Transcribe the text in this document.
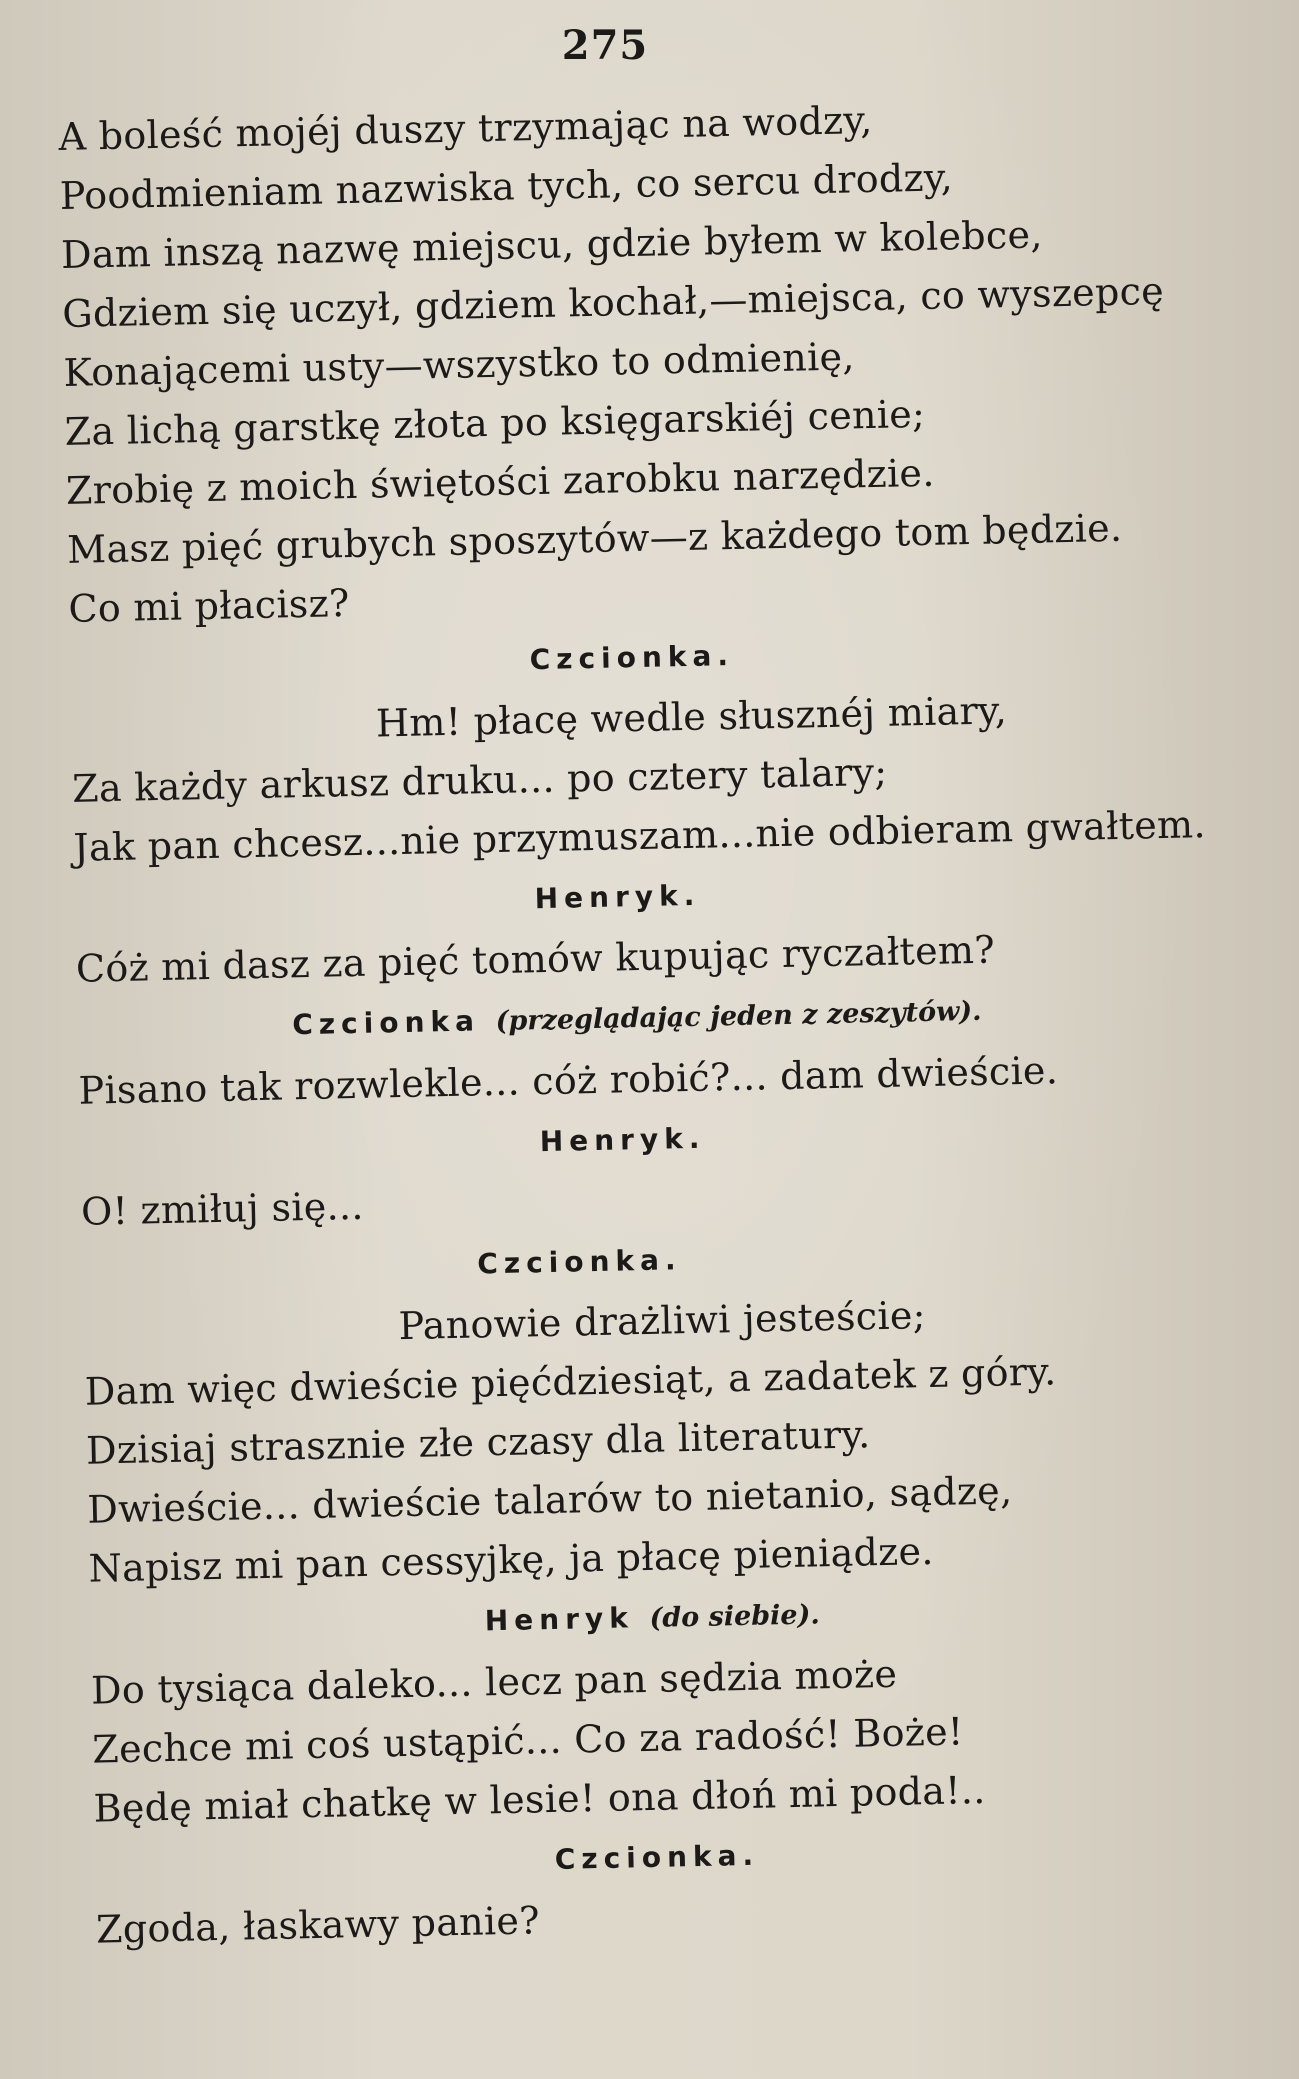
275
A boleść mojéj duszy trzymając na wodzy,
Poodmieniam nazwiska tych, co sercu drodzy,
Dam inszą nazwę miejscu, gdzie byłem w kolebce,
Gdziem się uczył, gdziem kochał,—miejsca, co wyszepcę
Konającemi usty—wszystko to odmienię,
Za lichą garstkę złota po księgarskiéj cenie;
Zrobię z moich świętości zarobku narzędzie.
Masz pięć grubych sposzytów—z każdego tom będzie.
Co mi płacisz?
Czcionka.
Hm! płacę wedle słusznéj miary,
Za każdy arkusz druku... po cztery talary;
Jak pan chcesz...nie przymuszam...nie odbieram gwałtem.
Henryk.
Cóż mi dasz za pięć tomów kupując ryczałtem?
Czcionka (przeglądając jeden z zeszytów).
Pisano tak rozwlekle... cóż robić?... dam dwieście.
Henryk.
O! zmiłuj się...
Czcionka.
Panowie drażliwi jesteście;
Dam więc dwieście pięćdziesiąt, a zadatek z góry.
Dzisiaj strasznie złe czasy dla literatury.
Dwieście... dwieście talarów to nietanio, sądzę,
Napisz mi pan cessyjkę, ja płacę pieniądze.
Henryk (do siebie).
Do tysiąca daleko... lecz pan sędzia może
Zechce mi coś ustąpić... Co za radość! Boże!
Będę miał chatkę w lesie! ona dłoń mi poda!..
Czcionka.
Zgoda, łaskawy panie?
